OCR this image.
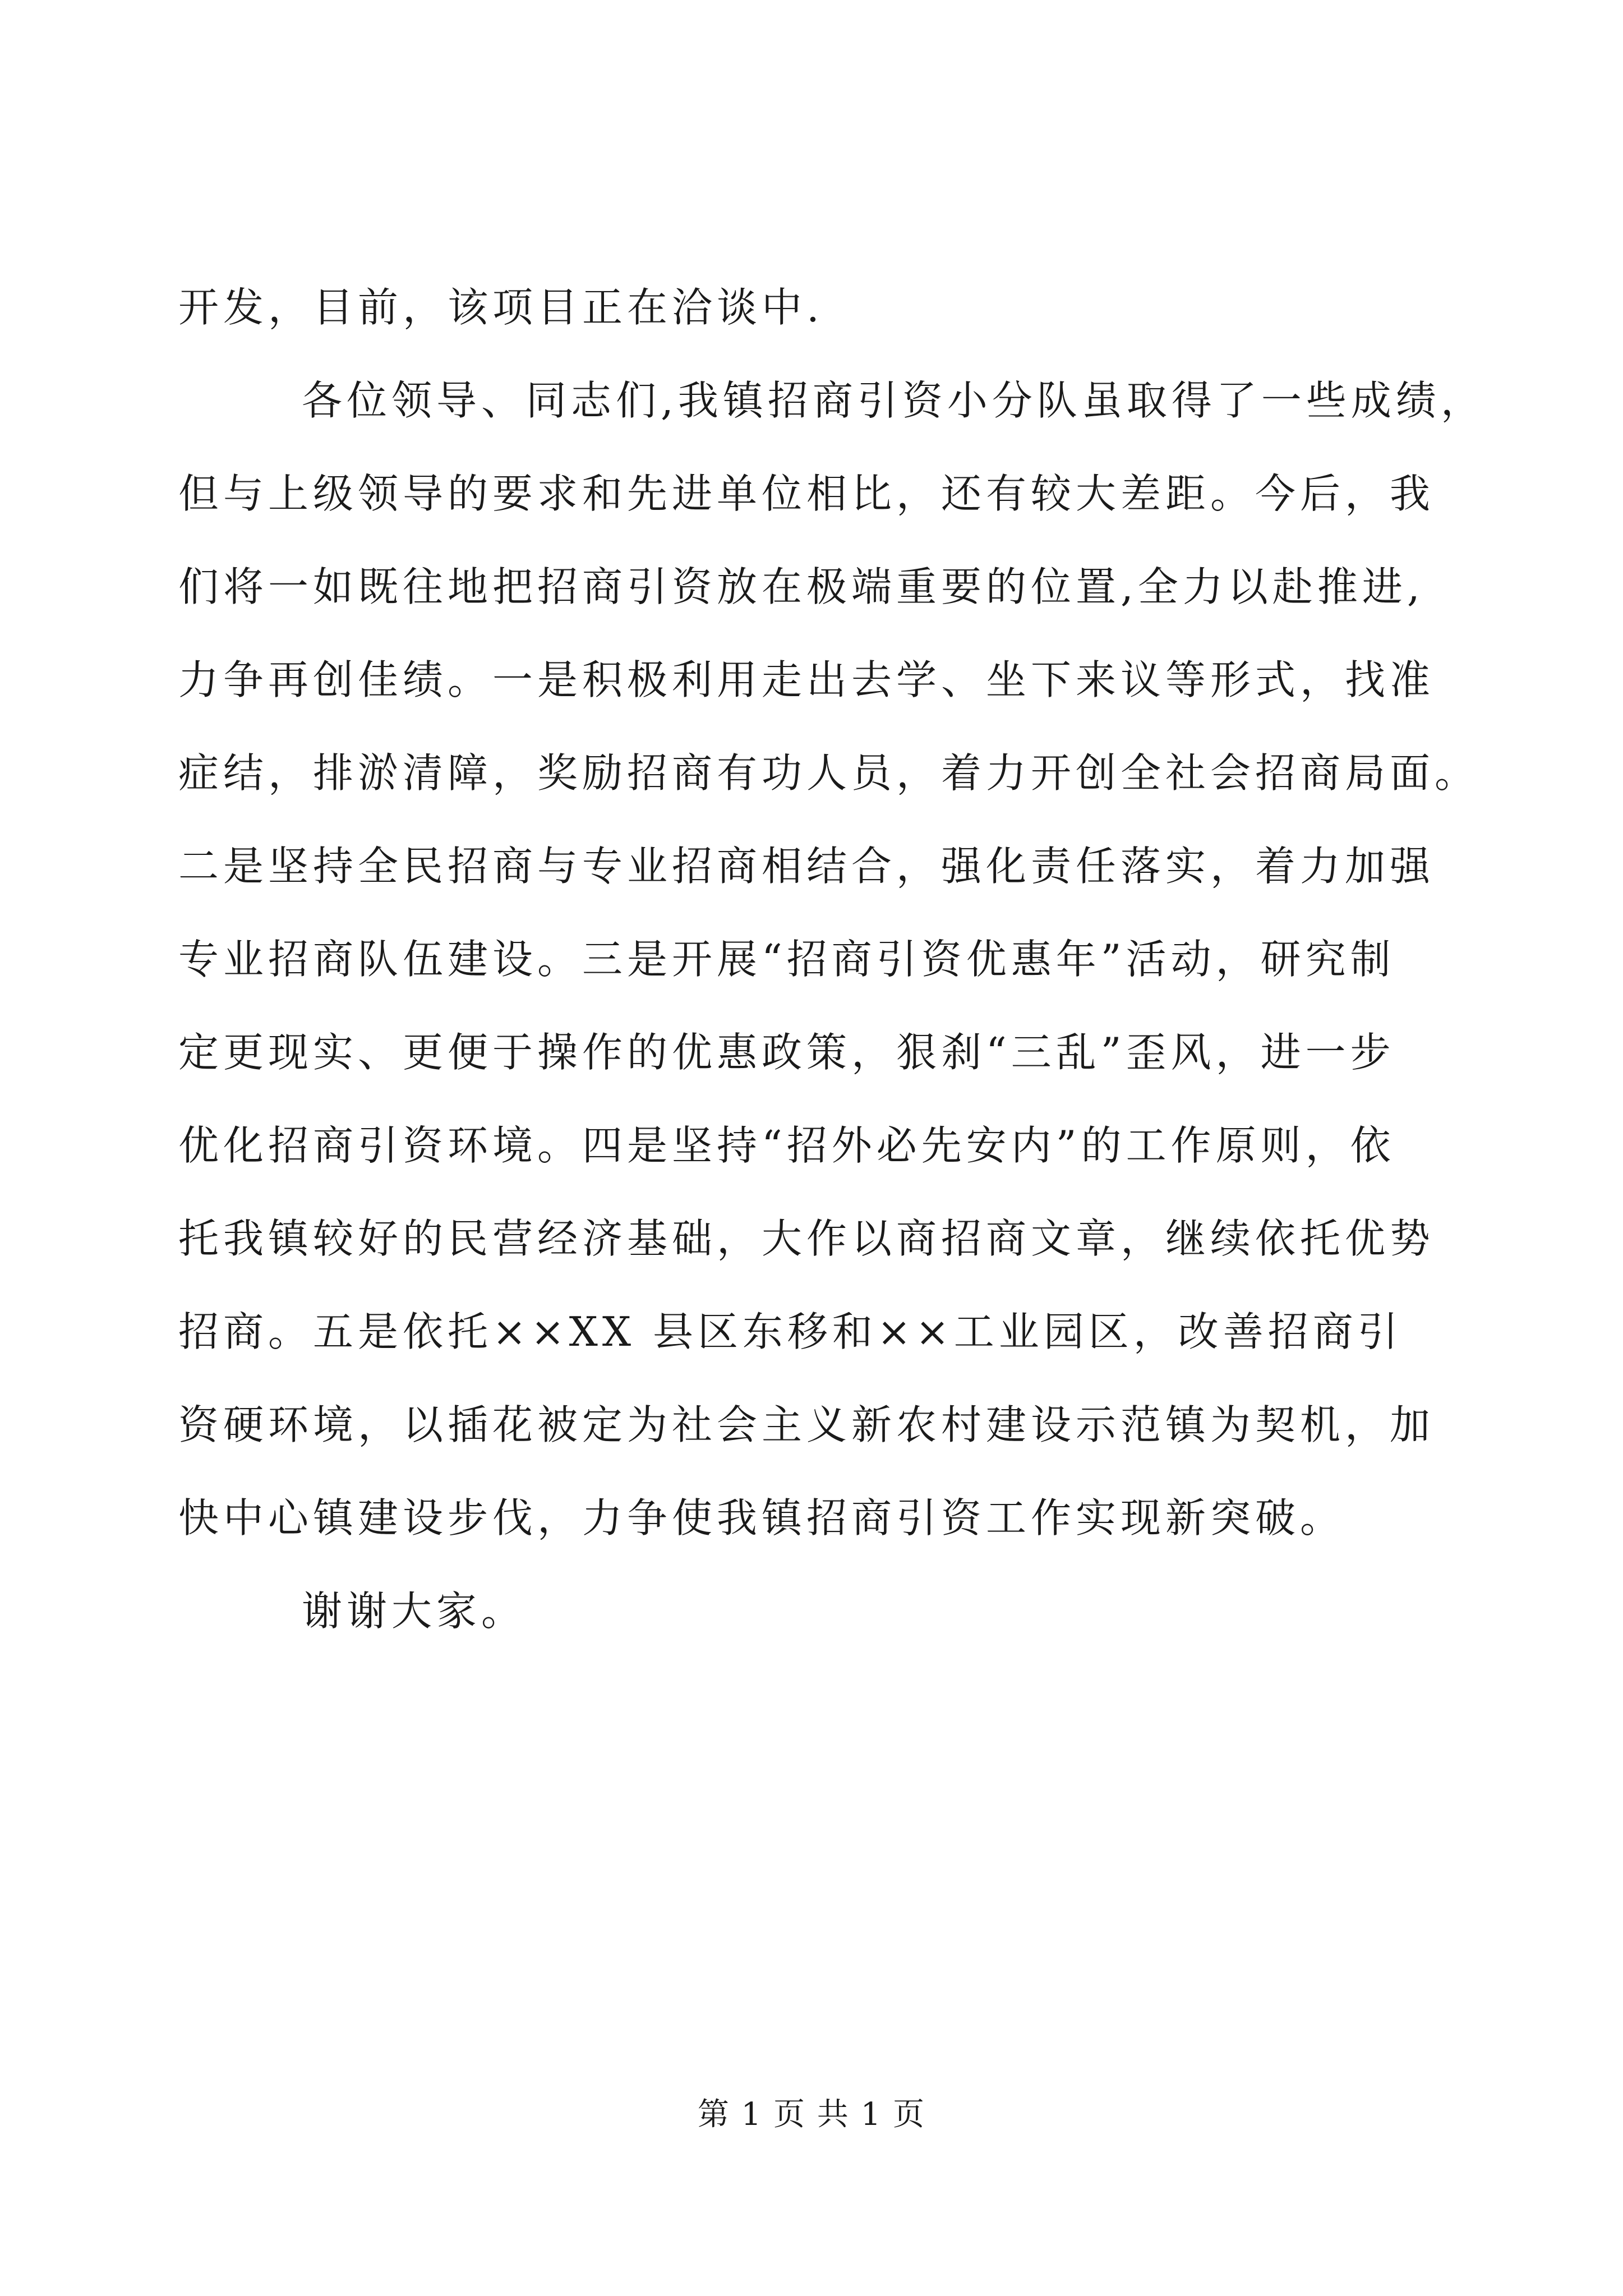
开发，目前，该项目正在洽谈中.
各位领导、同志们,我镇招商引资小分队虽取得了一些成绩，
但与上级领导的要求和先进单位相比，还有较大差距。今后，我
们将一如既往地把招商引资放在极端重要的位置,全力以赴推进,
力争再创佳绩。一是积极利用走出去学、坐下来议等形式，找准
症结，排淤清障，奖励招商有功人员，着力开创全社会招商局面。
二是坚持全民招商与专业招商相结合，强化责任落实，着力加强
专业招商队伍建设。三是开展“招商引资优惠年”活动，研究制
定更现实、更便于操作的优惠政策，狠刹“三乱”歪风，进一步
优化招商引资环境。四是坚持“招外必先安内”的工作原则，依
托我镇较好的民营经济基础，大作以商招商文章，继续依托优势
招商。五是依托××XX 县区东移和××工业园区，改善招商引
资硬环境，以插花被定为社会主义新农村建设示范镇为契机，加
快中心镇建设步伐，力争使我镇招商引资工作实现新突破。
谢谢大家。
第 1 页 共 1 页
